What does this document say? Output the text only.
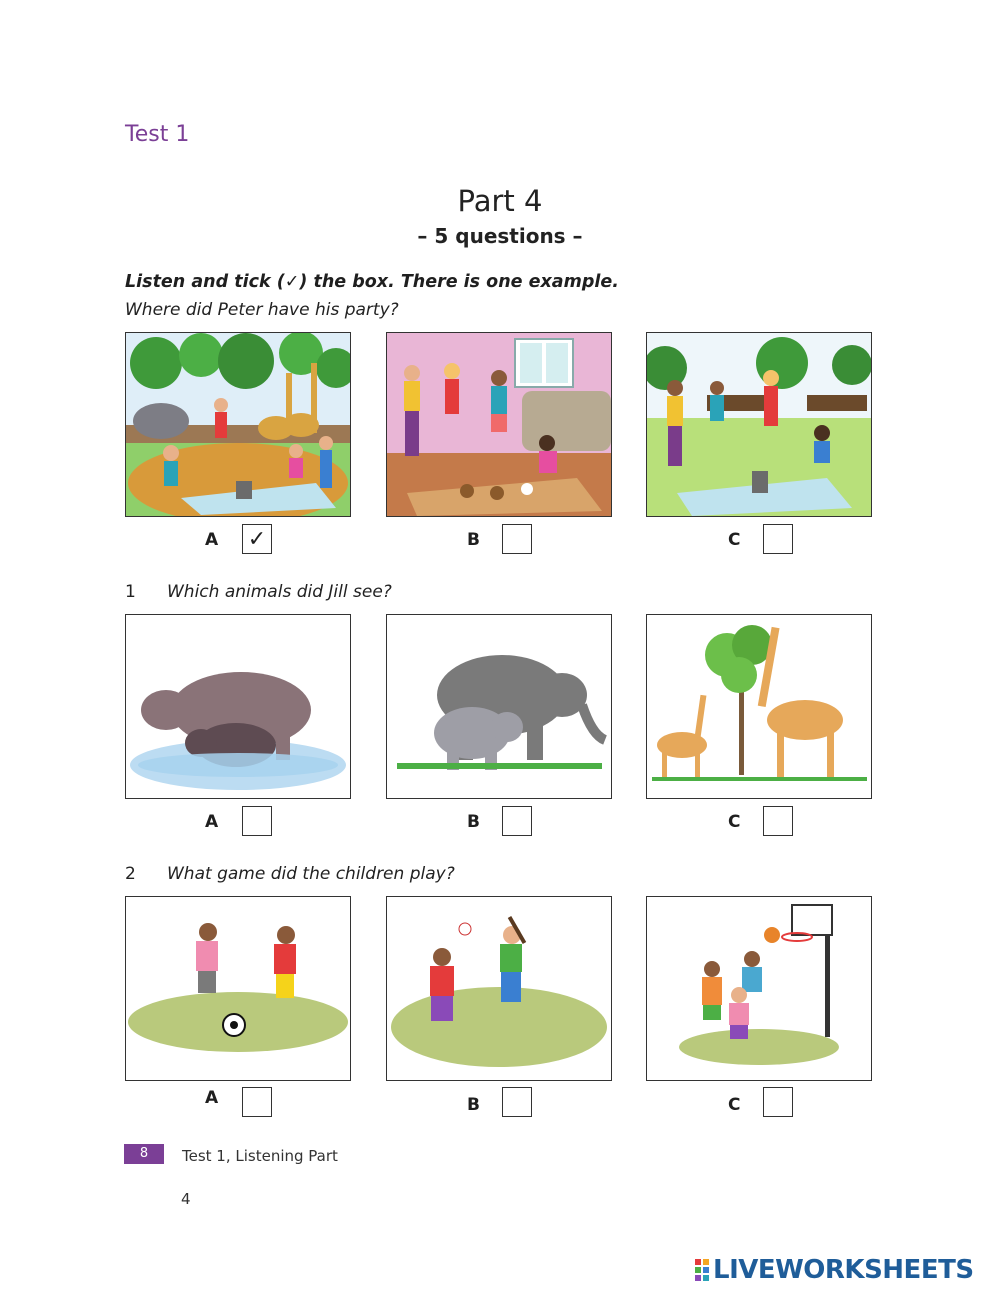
Test 1
Part 4
– 5 questions –
Listen and tick (✓) the box. There is one example.
Where did Peter have his party?
A ✓	B	C
1 Which animals did Jill see?
A	B	C
2 What game did the children play?
A	B	C
8	Test 1, Listening Part
4
LIVEWORKSHEETS
